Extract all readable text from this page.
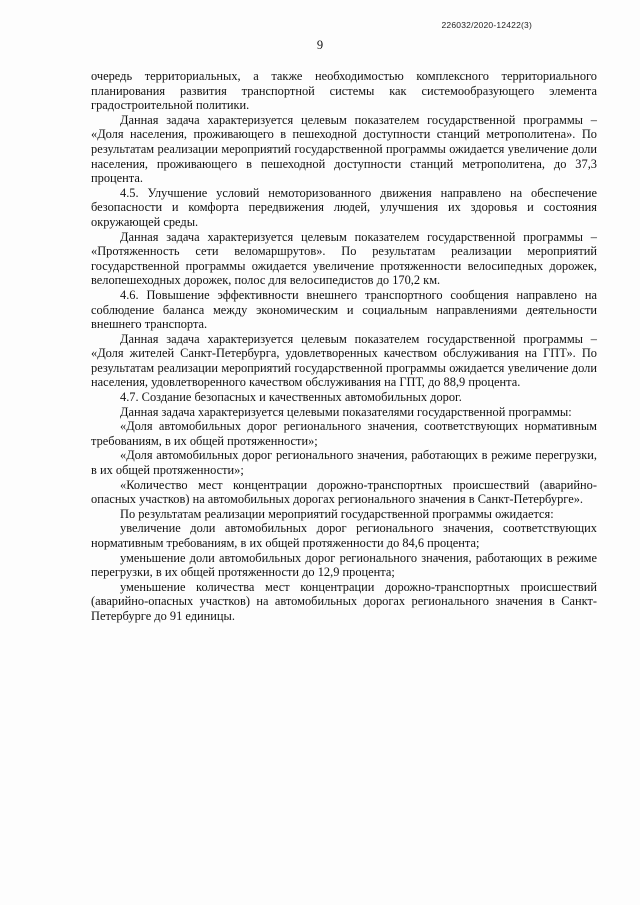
226032/2020-12422(3)
9

очередь территориальных, а также необходимостью комплексного территориального планирования развития транспортной системы как системообразующего элемента градостроительной политики.

Данная задача характеризуется целевым показателем государственной программы – «Доля населения, проживающего в пешеходной доступности станций метрополитена». По результатам реализации мероприятий государственной программы ожидается увеличение доли населения, проживающего в пешеходной доступности станций метрополитена, до 37,3 процента.

4.5. Улучшение условий немоторизованного движения направлено на обеспечение безопасности и комфорта передвижения людей, улучшения их здоровья и состояния окружающей среды.

Данная задача характеризуется целевым показателем государственной программы – «Протяженность сети веломаршрутов». По результатам реализации мероприятий государственной программы ожидается увеличение протяженности велосипедных дорожек, велопешеходных дорожек, полос для велосипедистов до 170,2 км.

4.6. Повышение эффективности внешнего транспортного сообщения направлено на соблюдение баланса между экономическим и социальным направлениями деятельности внешнего транспорта.

Данная задача характеризуется целевым показателем государственной программы – «Доля жителей Санкт-Петербурга, удовлетворенных качеством обслуживания на ГПТ». По результатам реализации мероприятий государственной программы ожидается увеличение доли населения, удовлетворенного качеством обслуживания на ГПТ, до 88,9 процента.

4.7. Создание безопасных и качественных автомобильных дорог.

Данная задача характеризуется целевыми показателями государственной программы:

«Доля автомобильных дорог регионального значения, соответствующих нормативным требованиям, в их общей протяженности»;

«Доля автомобильных дорог регионального значения, работающих в режиме перегрузки, в их общей протяженности»;

«Количество мест концентрации дорожно-транспортных происшествий (аварийно-опасных участков) на автомобильных дорогах регионального значения в Санкт-Петербурге».

По результатам реализации мероприятий государственной программы ожидается:

увеличение доли автомобильных дорог регионального значения, соответствующих нормативным требованиям, в их общей протяженности до 84,6 процента;

уменьшение доли автомобильных дорог регионального значения, работающих в режиме перегрузки, в их общей протяженности до 12,9 процента;

уменьшение количества мест концентрации дорожно-транспортных происшествий (аварийно-опасных участков) на автомобильных дорогах регионального значения в Санкт-Петербурге до 91 единицы.
